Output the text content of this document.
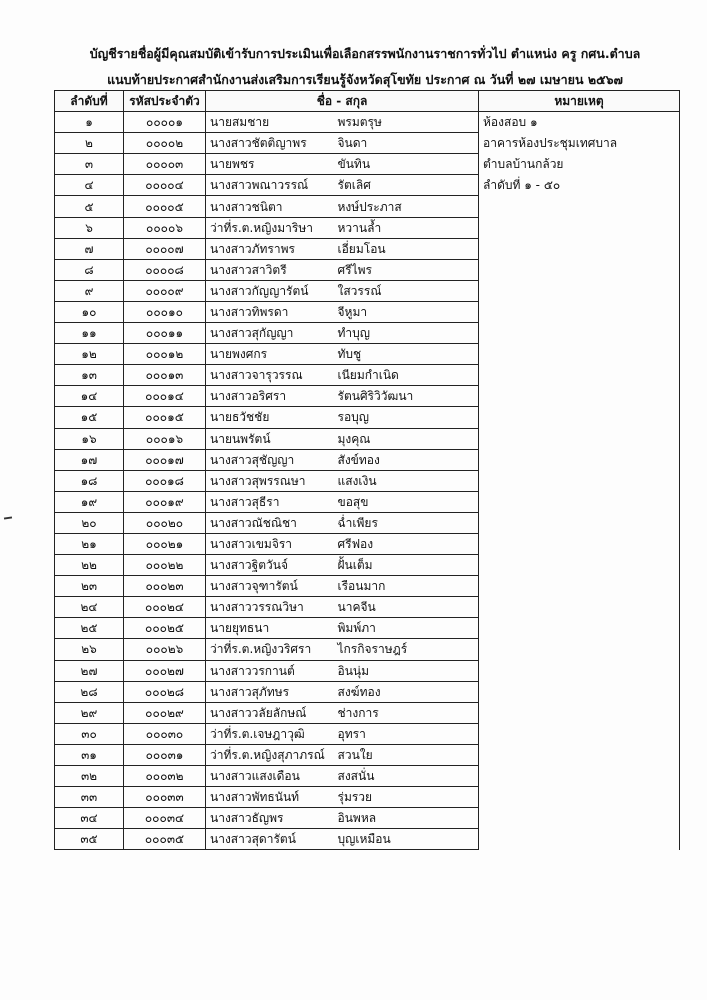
บัญชีรายชื่อผู้มีคุณสมบัติเข้ารับการประเมินเพื่อเลือกสรรพนักงานราชการทั่วไป ตำแหน่ง ครู กศน.ตำบล
แนบท้ายประกาศสำนักงานส่งเสริมการเรียนรู้จังหวัดสุโขทัย ประกาศ ณ วันที่ ๒๗ เมษายน ๒๕๖๗
ลำดับที่	รหัสประจำตัว	ชื่อ - สกุล		หมายเหตุ
๑	๐๐๐๐๑	นายสมชาย	พรมตรุษ	ห้องสอบ ๑
๒	๐๐๐๐๒	นางสาวชัตติญาพร	จินดา	อาคารห้องประชุมเทศบาล
๓	๐๐๐๐๓	นายพชร	ขันทิน	ตำบลบ้านกล้วย
๔	๐๐๐๐๔	นางสาวพณาวรรณ์	รัตเลิศ	ลำดับที่ ๑ - ๕๐
๕	๐๐๐๐๕	นางสาวชนิตา	หงษ์ประภาส	
๖	๐๐๐๐๖	ว่าที่ร.ต.หญิงมาริษา	หวานล้ำ	
๗	๐๐๐๐๗	นางสาวภัทราพร	เอี่ยมโอน	
๘	๐๐๐๐๘	นางสาวสาวิตรี	ศรีไพร	
๙	๐๐๐๐๙	นางสาวกัญญารัตน์	ใสวรรณ์	
๑๐	๐๐๐๑๐	นางสาวทิพรดา	จีหูมา	
๑๑	๐๐๐๑๑	นางสาวสุกัญญา	ทำบุญ	
๑๒	๐๐๐๑๒	นายพงศกร	ทับชู	
๑๓	๐๐๐๑๓	นางสาวจารุวรรณ	เนียมกำเนิด	
๑๔	๐๐๐๑๔	นางสาวอริศรา	รัตนศิริวิวัฒนา	
๑๕	๐๐๐๑๕	นายธวัชชัย	รอบุญ	
๑๖	๐๐๐๑๖	นายนพรัตน์	มุงคุณ	
๑๗	๐๐๐๑๗	นางสาวสุชัญญา	สังข์ทอง	
๑๘	๐๐๐๑๘	นางสาวสุพรรณษา	แสงเงิน	
๑๙	๐๐๐๑๙	นางสาวสุธีรา	ขอสุข	
๒๐	๐๐๐๒๐	นางสาวณัชณิชา	ฉ่ำเพียร	
๒๑	๐๐๐๒๑	นางสาวเขมจิรา	ศรีฟอง	
๒๒	๐๐๐๒๒	นางสาวฐิตวันจ์	ฝั้นเต็ม	
๒๓	๐๐๐๒๓	นางสาวจุฑารัตน์	เรือนมาก	
๒๔	๐๐๐๒๔	นางสาววรรณวิษา	นาคจีน	
๒๕	๐๐๐๒๕	นายยุทธนา	พิมพ์ภา	
๒๖	๐๐๐๒๖	ว่าที่ร.ต.หญิงวริศรา	ไกรกิจราษฎร์	
๒๗	๐๐๐๒๗	นางสาววรกานต์	อินนุ่ม	
๒๘	๐๐๐๒๘	นางสาวสุภัทษร	สงฆ์ทอง	
๒๙	๐๐๐๒๙	นางสาววลัยลักษณ์	ช่างการ	
๓๐	๐๐๐๓๐	ว่าที่ร.ต.เจษฎาวุฒิ	อุทรา	
๓๑	๐๐๐๓๑	ว่าที่ร.ต.หญิงสุภาภรณ์	สวนใย	
๓๒	๐๐๐๓๒	นางสาวแสงเดือน	สงสนั่น	
๓๓	๐๐๐๓๓	นางสาวพัทธนันท์	รุ่มรวย	
๓๔	๐๐๐๓๔	นางสาวธัญพร	อินพหล	
๓๕	๐๐๐๓๕	นางสาวสุดารัตน์	บุญเหมือน	
